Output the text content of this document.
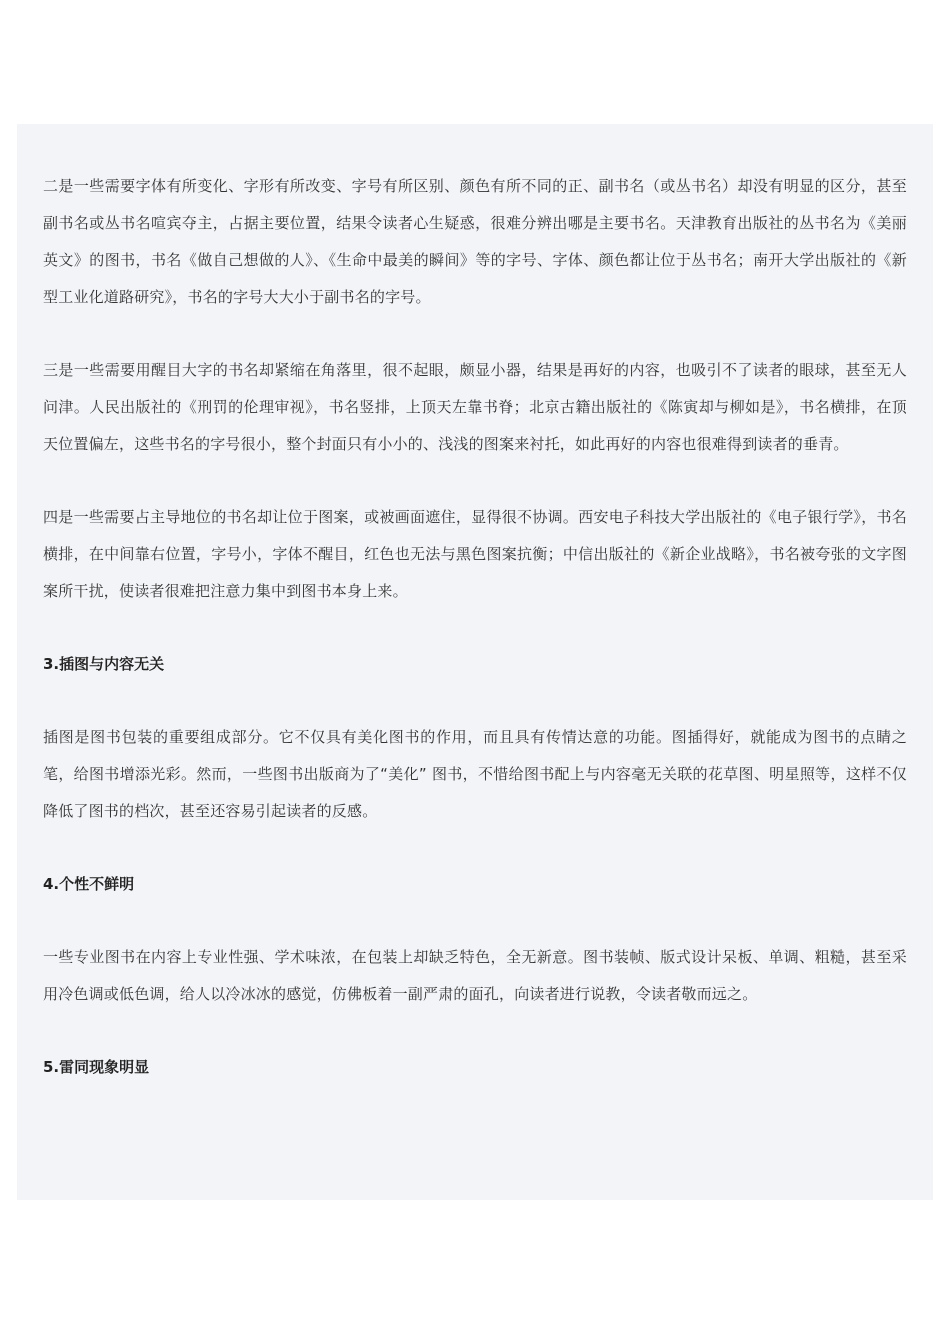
二是一些需要字体有所变化、字形有所改变、字号有所区别、颜色有所不同的正、副书名（或丛书名）却没有明显的区分，甚至副书名或丛书名喧宾夺主，占据主要位置，结果令读者心生疑惑，很难分辨出哪是主要书名。天津教育出版社的丛书名为《美丽英文》的图书，书名《做自己想做的人》、《生命中最美的瞬间》等的字号、字体、颜色都让位于丛书名；南开大学出版社的《新型工业化道路研究》，书名的字号大大小于副书名的字号。

三是一些需要用醒目大字的书名却紧缩在角落里，很不起眼，颇显小器，结果是再好的内容，也吸引不了读者的眼球，甚至无人问津。人民出版社的《刑罚的伦理审视》，书名竖排，上顶天左靠书脊；北京古籍出版社的《陈寅却与柳如是》，书名横排，在顶天位置偏左，这些书名的字号很小，整个封面只有小小的、浅浅的图案来衬托，如此再好的内容也很难得到读者的垂青。

四是一些需要占主导地位的书名却让位于图案，或被画面遮住，显得很不协调。西安电子科技大学出版社的《电子银行学》，书名横排，在中间靠右位置，字号小，字体不醒目，红色也无法与黑色图案抗衡；中信出版社的《新企业战略》，书名被夸张的文字图案所干扰，使读者很难把注意力集中到图书本身上来。

3.插图与内容无关

插图是图书包装的重要组成部分。它不仅具有美化图书的作用，而且具有传情达意的功能。图插得好，就能成为图书的点睛之笔，给图书增添光彩。然而，一些图书出版商为了“美化” 图书，不惜给图书配上与内容毫无关联的花草图、明星照等，这样不仅降低了图书的档次，甚至还容易引起读者的反感。

4.个性不鲜明

一些专业图书在内容上专业性强、学术味浓，在包装上却缺乏特色，全无新意。图书装帧、版式设计呆板、单调、粗糙，甚至采用冷色调或低色调，给人以冷冰冰的感觉，仿佛板着一副严肃的面孔，向读者进行说教，令读者敬而远之。

5.雷同现象明显
